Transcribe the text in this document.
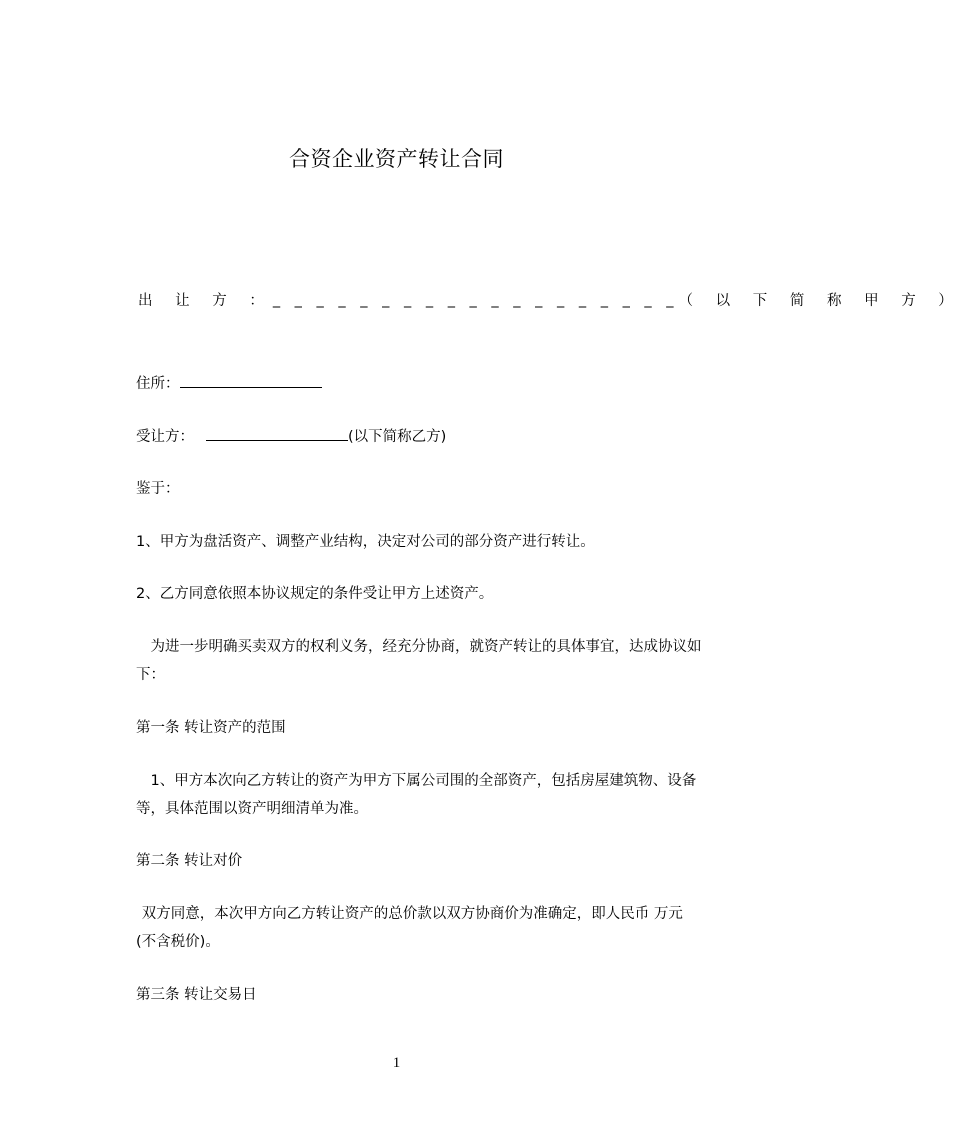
合资企业资产转让合同
出 让 方 ： _ _ _ _ _ _ _ _ _ _ _ _ _ _ _ _ _ _ _ （ 以 下 简 称 甲 方 ）
住所：
受让方：	(以下简称乙方)
鉴于：
1、甲方为盘活资产、调整产业结构，决定对公司的部分资产进行转让。
2、乙方同意依照本协议规定的条件受让甲方上述资产。
为进一步明确买卖双方的权利义务，经充分协商，就资产转让的具体事宜，达成协议如下：
第一条 转让资产的范围
1、甲方本次向乙方转让的资产为甲方下属公司围的全部资产，包括房屋建筑物、设备等，具体范围以资产明细清单为准。
第二条 转让对价
双方同意，本次甲方向乙方转让资产的总价款以双方协商价为准确定，即人民币 万元(不含税价)。
第三条 转让交易日
1
